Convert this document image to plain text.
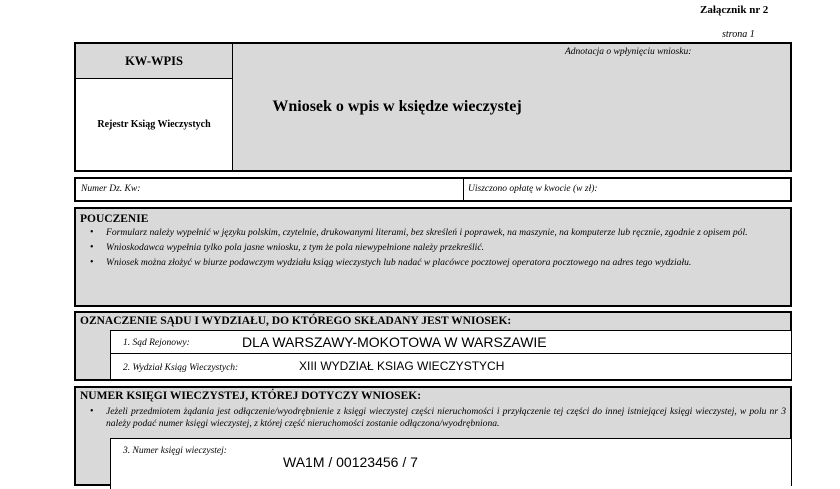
Załącznik nr 2
strona 1
KW-WPIS
Rejestr Ksiąg Wieczystych
Wniosek o wpis w księdze wieczystej
Adnotacja o wpłynięciu wniosku:
Numer Dz. Kw:	Uiszczono opłatę w kwocie (w zł):
POUCZENIE
• Formularz należy wypełnić w języku polskim, czytelnie, drukowanymi literami, bez skreśleń i poprawek, na maszynie, na komputerze lub ręcznie, zgodnie z opisem pól.
• Wnioskodawca wypełnia tylko pola jasne wniosku, z tym że pola niewypełnione należy przekreślić.
• Wniosek można złożyć w biurze podawczym wydziału ksiąg wieczystych lub nadać w placówce pocztowej operatora pocztowego na adres tego wydziału.
OZNACZENIE SĄDU I WYDZIAŁU, DO KTÓREGO SKŁADANY JEST WNIOSEK:
1. Sąd Rejonowy:	DLA WARSZAWY-MOKOTOWA W WARSZAWIE
2. Wydział Ksiąg Wieczystych:	XIII WYDZIAŁ KSIAG WIECZYSTYCH
NUMER KSIĘGI WIECZYSTEJ, KTÓREJ DOTYCZY WNIOSEK:
• Jeżeli przedmiotem żądania jest odłączenie/wyodrębnienie z księgi wieczystej części nieruchomości i przyłączenie tej części do innej istniejącej księgi wieczystej, w polu nr 3 należy podać numer księgi wieczystej, z której część nieruchomości zostanie odłączona/wyodrębniona.
3. Numer księgi wieczystej:
WA1M / 00123456 / 7
